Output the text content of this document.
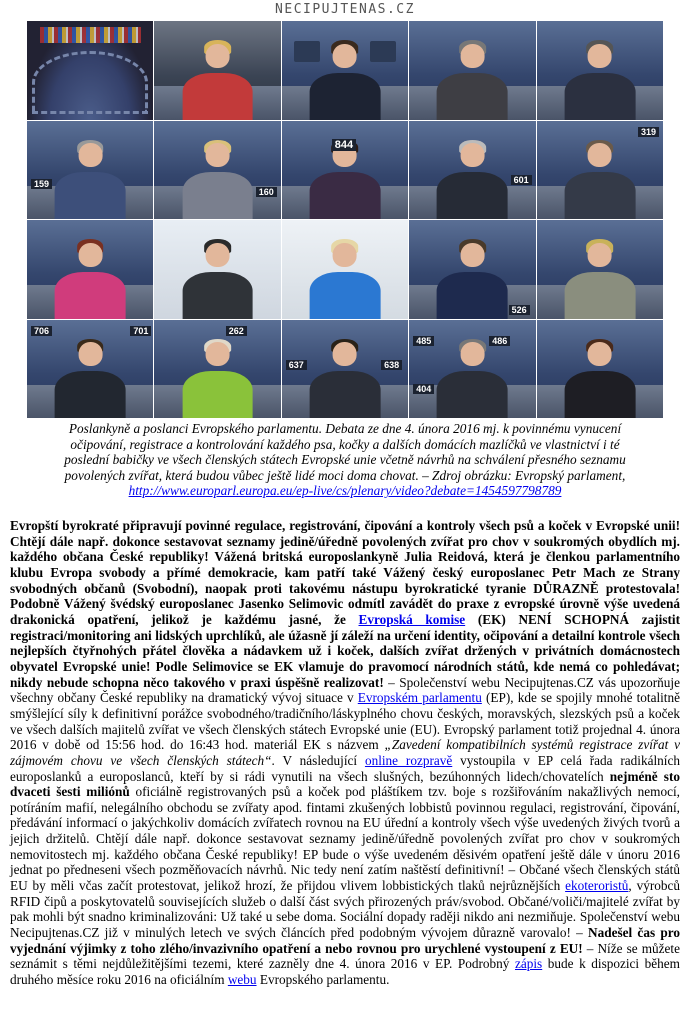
NECIPUJTENAS.CZ
159
160
844
601
319
526
706	701	262
637	638
485	486
404
Poslankyně a poslanci Evropského parlamentu. Debata ze dne 4. února 2016 mj. k povinnému vynucení očipování, registrace a kontrolování každého psa, kočky a dalších domácích mazlíčků ve vlastnictví i té poslední babičky ve všech členských státech Evropské unie včetně návrhů na schválení přesného seznamu povolených zvířat, která budou vůbec ještě lidé moci doma chovat. – Zdroj obrázku: Evropský parlament,
http://www.europarl.europa.eu/ep-live/cs/plenary/video?debate=1454597798789

Evropští byrokraté připravují povinné regulace, registrování, čipování a kontroly všech psů a koček v Evropské unii! Chtějí dále např. dokonce sestavovat seznamy jedině/úředně povolených zvířat pro chov v soukromých obydlích mj. každého občana České republiky! Vážená britská europoslankyně Julia Reidová, která je členkou parlamentního klubu Evropa svobody a přímé demokracie, kam patří také Vážený český europoslanec Petr Mach ze Strany svobodných občanů (Svobodní), naopak proti takovému nástupu byrokratické tyranie DŮRAZNĚ protestovala! Podobně Vážený švédský europoslanec Jasenko Selimovic odmítl zavádět do praxe z evropské úrovně výše uvedená drakonická opatření, jelikož je každému jasné, že Evropská komise (EK) NENÍ SCHOPNÁ zajistit registraci/monitoring ani lidských uprchlíků, ale úžasně jí záleží na určení identity, očipování a detailní kontrole všech nejlepších čtyřnohých přátel člověka a nádavkem už i koček, dalších zvířat držených v privátních domácnostech obyvatel Evropské unie! Podle Selimovice se EK vlamuje do pravomocí národních států, kde nemá co pohledávat; nikdy nebude schopna něco takového v praxi úspěšně realizovat! – Společenství webu Necipujtenas.CZ vás upozorňuje všechny občany České republiky na dramatický vývoj situace v Evropském parlamentu (EP), kde se spojily mnohé totalitně smýšlející síly k definitivní porážce svobodného/tradičního/láskyplného chovu českých, moravských, slezských psů a koček ve všech dalších majitelů zvířat ve všech členských státech Evropské unie (EU). Evropský parlament totiž projednal 4. února 2016 v době od 15:56 hod. do 16:43 hod. materiál EK s názvem „Zavedení kompatibilních systémů registrace zvířat v zájmovém chovu ve všech členských státech“. V následující online rozpravě vystoupila v EP celá řada radikálních europoslanků a europoslanců, kteří by si rádi vynutili na všech slušných, bezúhonných lidech/chovatelích nejméně sto dvaceti šesti miliónů oficiálně registrovaných psů a koček pod pláštíkem tzv. boje s rozšiřováním nakažlivých nemocí, potíráním mafií, nelegálního obchodu se zvířaty apod. fintami zkušených lobbistů povinnou regulaci, registrování, čipování, předávání informací o jakýchkoliv domácích zvířatech rovnou na EU úřední a kontroly všech výše uvedených živých tvorů a jejich držitelů. Chtějí dále např. dokonce sestavovat seznamy jedině/úředně povolených zvířat pro chov v soukromých nemovitostech mj. každého občana České republiky! EP bude o výše uvedeném děsivém opatření ještě dále v únoru 2016 jednat po předneseni všech pozměňovacích návrhů. Nic tedy není zatím naštěstí definitivní! – Občané všech členských států EU by měli včas začít protestovat, jelikož hrozí, že přijdou vlivem lobbistických tlaků nejrůznějších ekoteroristů, výrobců RFID čipů a poskytovatelů souvisejících služeb o další část svých přirozených práv/svobod. Občané/voliči/majitelé zvířat by pak mohli být snadno kriminalizováni: Už také u sebe doma. Sociální dopady raději nikdo ani nezmiňuje. Společenství webu Necipujtenas.CZ již v minulých letech ve svých článcích před podobným vývojem důrazně varovalo! – Nadešel čas pro vyjednání výjimky z toho zlého/invazivního opatření a nebo rovnou pro urychlené vystoupení z EU! – Níže se můžete seznámit s těmi nejdůležitějšími tezemi, které zazněly dne 4. února 2016 v EP. Podrobný zápis bude k dispozici během druhého měsíce roku 2016 na oficiálním webu Evropského parlamentu.
